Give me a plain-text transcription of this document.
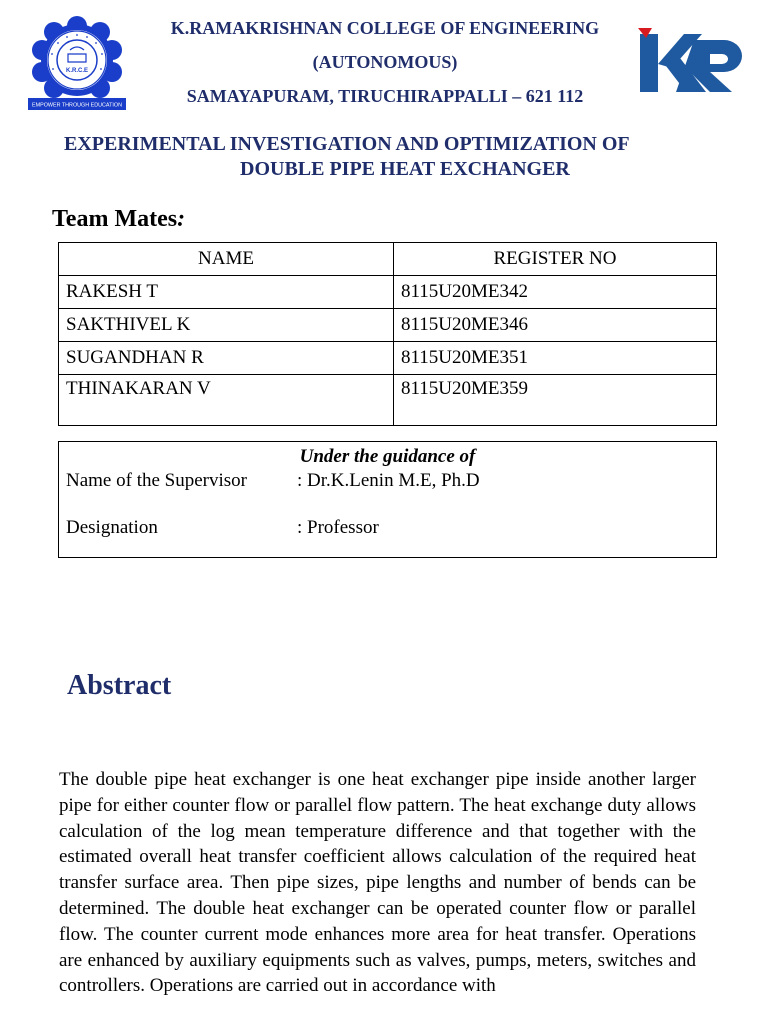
K.R.C.E
EMPOWER THROUGH EDUCATION
K.RAMAKRISHNAN COLLEGE OF ENGINEERING
(AUTONOMOUS)
SAMAYAPURAM, TIRUCHIRAPPALLI – 621 112
EXPERIMENTAL INVESTIGATION AND OPTIMIZATION OF
DOUBLE PIPE HEAT EXCHANGER
Team Mates:
NAME	REGISTER NO
RAKESH T	8115U20ME342
SAKTHIVEL K	8115U20ME346
SUGANDHAN R	8115U20ME351
THINAKARAN V	8115U20ME359
Under the guidance of
Name of the Supervisor	: Dr.K.Lenin M.E, Ph.D
Designation	: Professor
Abstract
The double pipe heat exchanger is one heat exchanger pipe inside another larger pipe for either counter flow or parallel flow pattern. The heat exchange duty allows calculation of the log mean temperature difference and that together with the estimated overall heat transfer coefficient allows calculation of the required heat transfer surface area. Then pipe sizes, pipe lengths and number of bends can be determined. The double heat exchanger can be operated counter flow or parallel flow. The counter current mode enhances more area for heat transfer. Operations are enhanced by auxiliary equipments such as valves, pumps, meters, switches and controllers. Operations are carried out in accordance with
